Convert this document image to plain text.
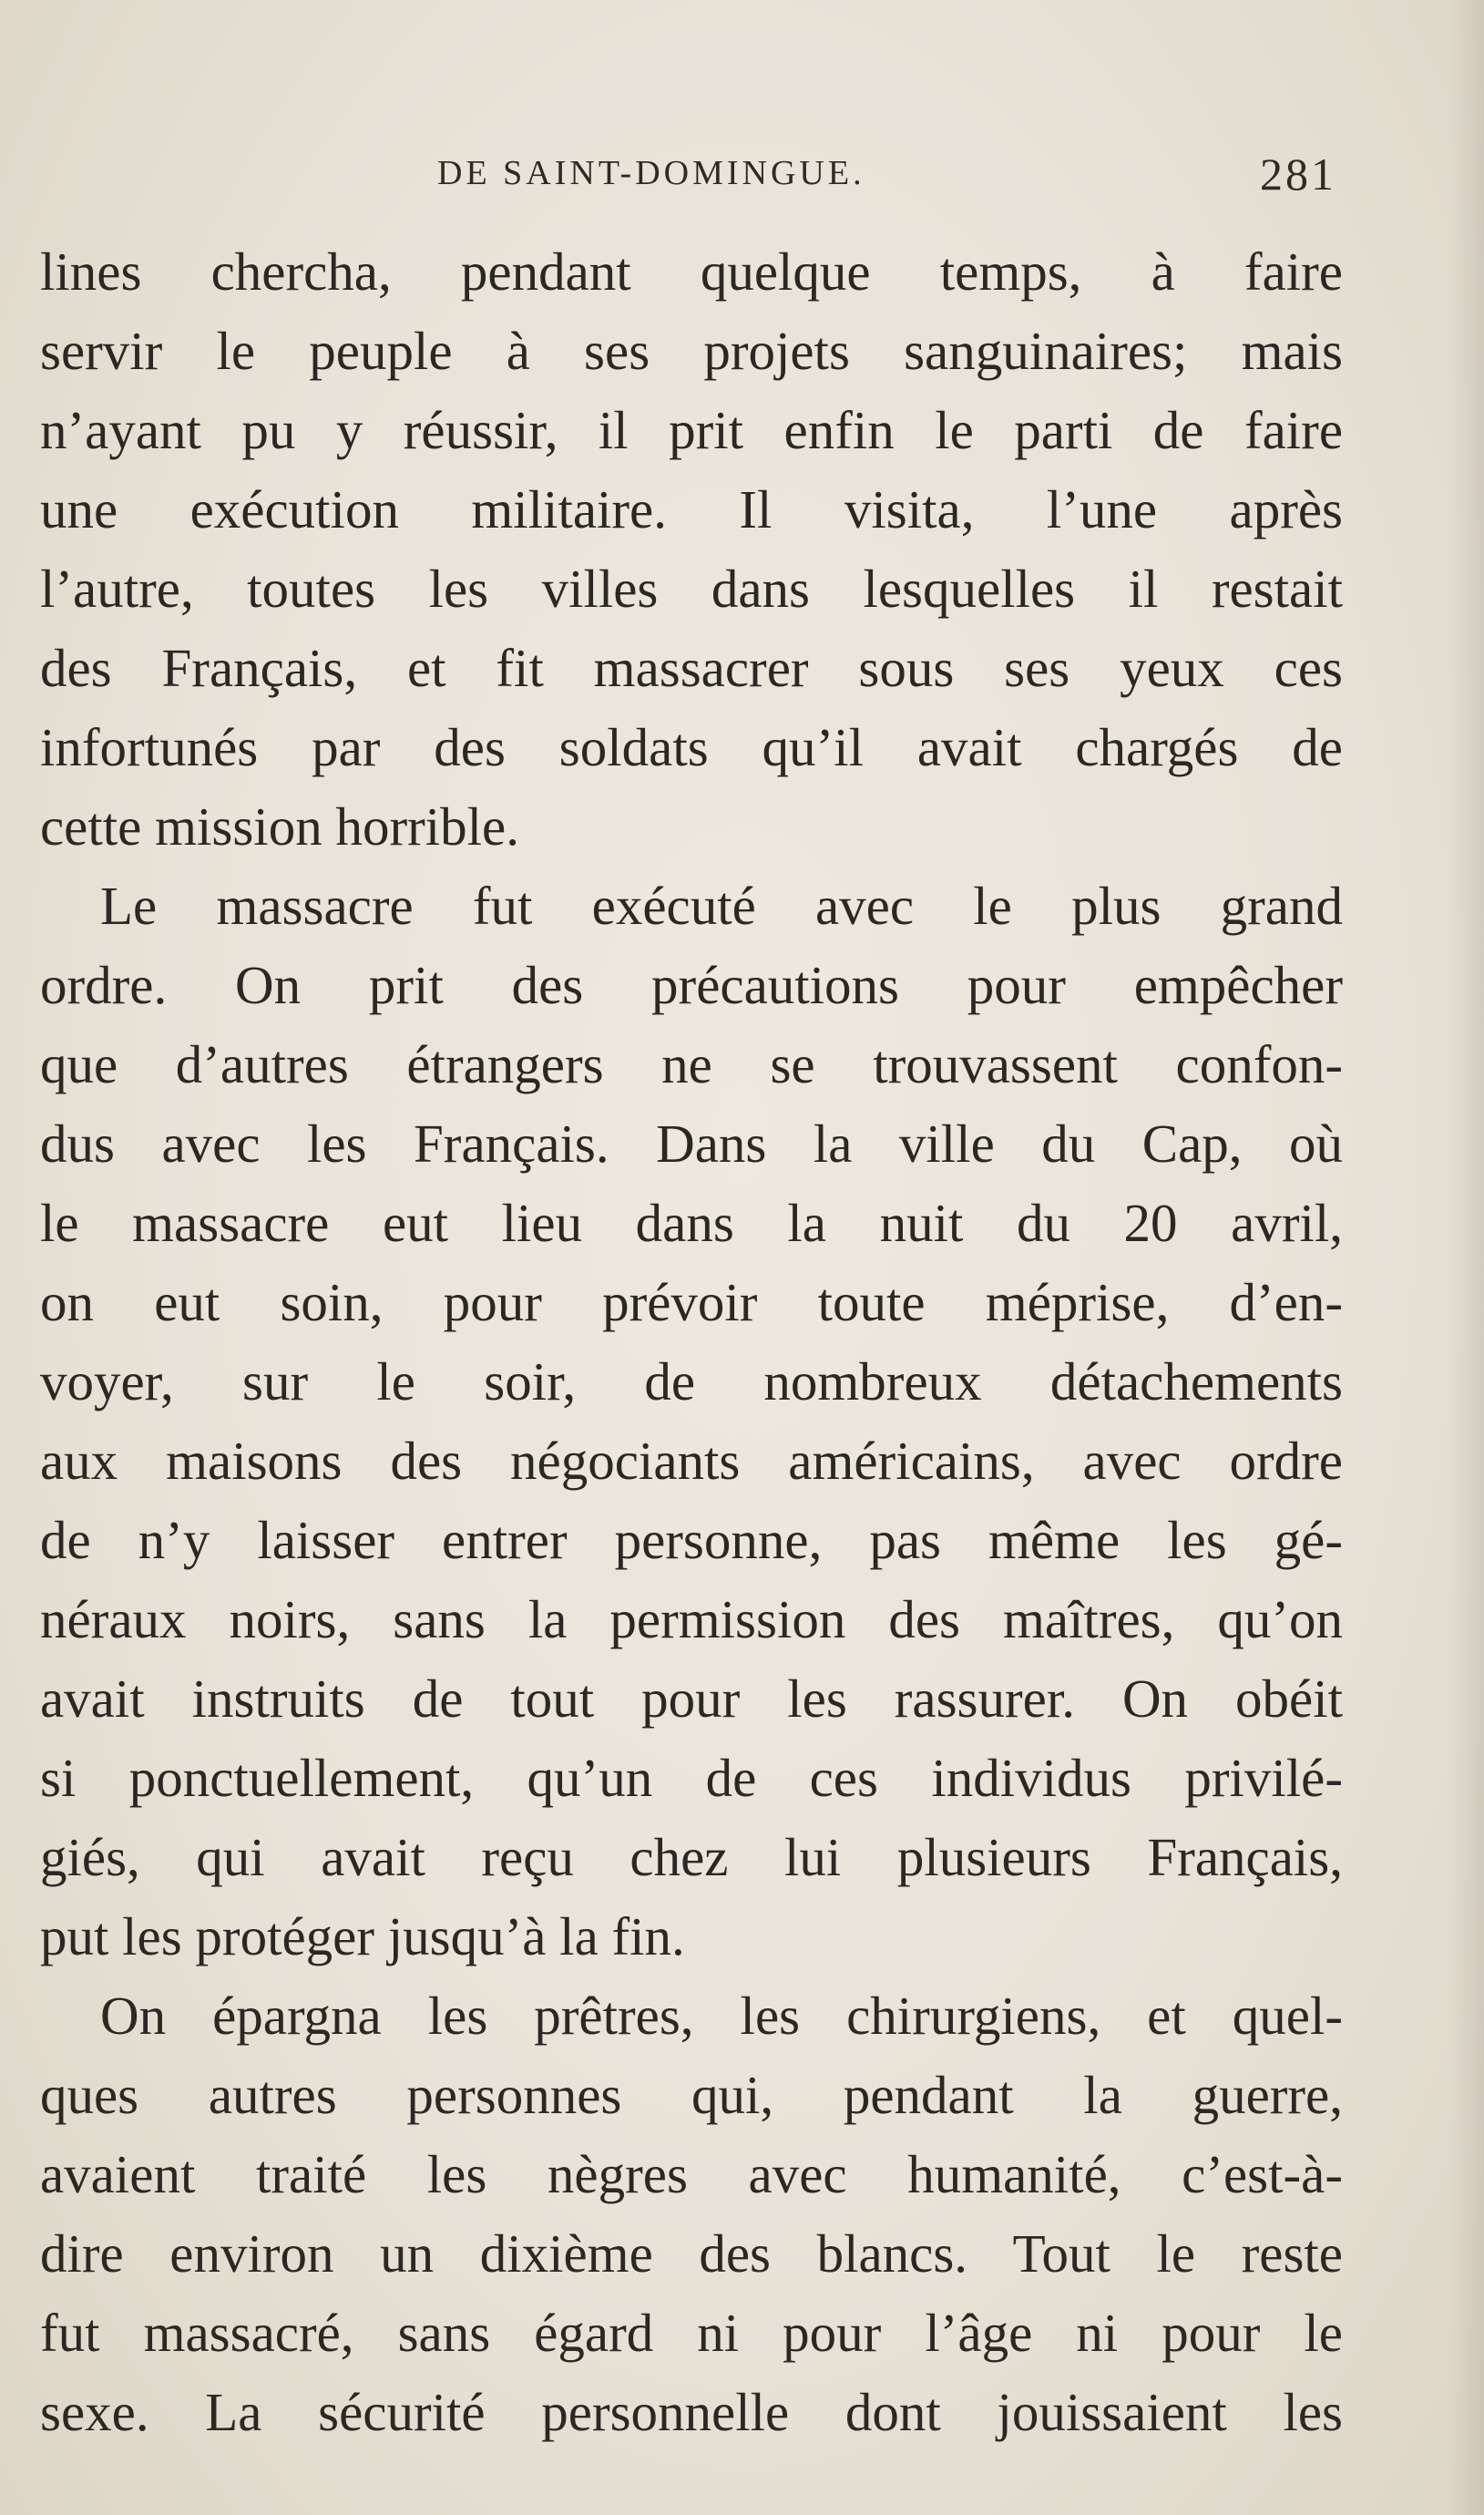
DE SAINT-DOMINGUE.	281
lines chercha, pendant quelque temps, à faire
servir le peuple à ses projets sanguinaires; mais
n’ayant pu y réussir, il prit enfin le parti de faire
une exécution militaire. Il visita, l’une après
l’autre, toutes les villes dans lesquelles il restait
des Français, et fit massacrer sous ses yeux ces
infortunés par des soldats qu’il avait chargés de
cette mission horrible.
Le massacre fut exécuté avec le plus grand
ordre. On prit des précautions pour empêcher
que d’autres étrangers ne se trouvassent confon-
dus avec les Français. Dans la ville du Cap, où
le massacre eut lieu dans la nuit du 20 avril,
on eut soin, pour prévoir toute méprise, d’en-
voyer, sur le soir, de nombreux détachements
aux maisons des négociants américains, avec ordre
de n’y laisser entrer personne, pas même les gé-
néraux noirs, sans la permission des maîtres, qu’on
avait instruits de tout pour les rassurer. On obéit
si ponctuellement, qu’un de ces individus privilé-
giés, qui avait reçu chez lui plusieurs Français,
put les protéger jusqu’à la fin.
On épargna les prêtres, les chirurgiens, et quel-
ques autres personnes qui, pendant la guerre,
avaient traité les nègres avec humanité, c’est-à-
dire environ un dixième des blancs. Tout le reste
fut massacré, sans égard ni pour l’âge ni pour le
sexe. La sécurité personnelle dont jouissaient les
